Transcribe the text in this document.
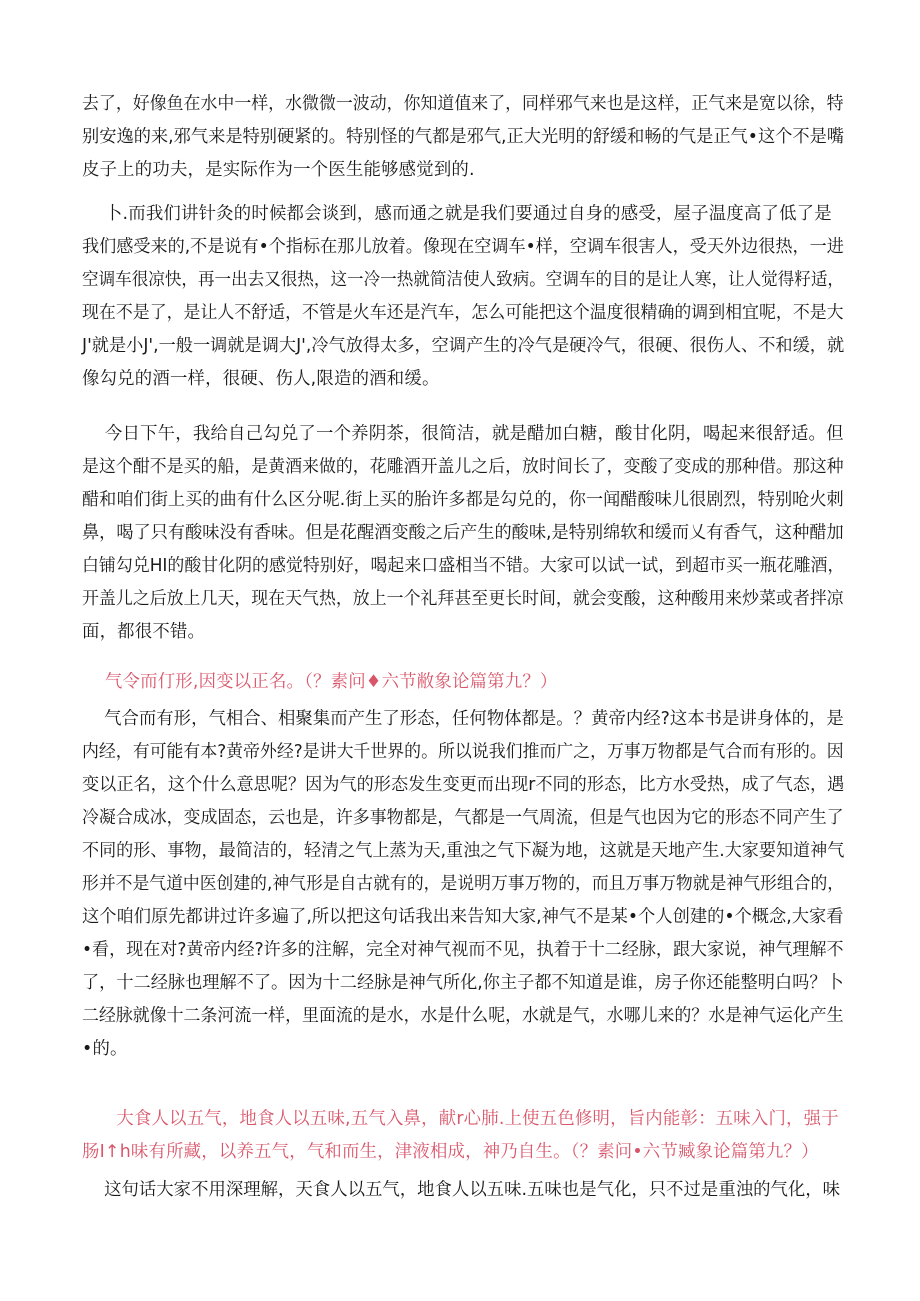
去了，好像鱼在水中一样，水微微一波动，你知道值来了，同样邪气来也是这样，正气来是宽以徐，特
别安逸的来,邪气来是特别硬紧的。特别怪的气都是邪气,正大光明的舒缓和畅的气是正气•这个不是嘴
皮子上的功夫，是实际作为一个医生能够感觉到的.

卜.而我们讲针灸的时候都会谈到，感而通之就是我们要通过自身的感受，屋子温度高了低了是
我们感受来的,不是说有•个指标在那儿放着。像现在空调车•样，空调车很害人，受天外边很热，一进
空调车很凉快，再一出去又很热，这一冷一热就简洁使人致病。空调车的目的是让人寒，让人觉得籽适，
现在不是了，是让人不舒适，不管是火车还是汽车，怎么可能把这个温度很精确的调到相宜呢，不是大
J'就是小J',一般一调就是调大J',冷气放得太多，空调产生的冷气是硬冷气，很硬、很伤人、不和缓，就
像勾兑的酒一样，很硬、伤人,限造的酒和缓。

今日下午，我给自己勾兑了一个养阴茶，很简洁，就是醋加白糖，酸甘化阴，喝起来很舒适。但
是这个酣不是买的船，是黄酒来做的，花雕酒开盖儿之后，放时间长了，变酸了变成的那种借。那这种
醋和咱们街上买的曲有什么区分呢.街上买的胎许多都是勾兑的，你一闻醋酸味儿很剧烈，特别呛火刺
鼻，喝了只有酸味没有香味。但是花醒酒变酸之后产生的酸味,是特别绵软和缓而乂有香气，这种醋加
白铺勾兑HI的酸甘化阴的感觉特别好，喝起来口盛相当不错。大家可以试一试，到超市买一瓶花雕酒，
开盖儿之后放上几天，现在天气热，放上一个礼拜甚至更长时间，就会变酸，这种酸用来炒菜或者拌凉
面，都很不错。

气令而仃形,因变以正名。（？素问♦六节敝象论篇第九？）

气合而有形，气相合、相聚集而产生了形态，任何物体都是。？黄帝内经?这本书是讲身体的，是
内经，有可能有本?黄帝外经?是讲大千世界的。所以说我们推而广之，万事万物都是气合而有形的。因
变以正名，这个什么意思呢？因为气的形态发生变更而出现r不同的形态，比方水受热，成了气态，遇
冷凝合成冰，变成固态，云也是，许多事物都是，气都是一气周流，但是气也因为它的形态不同产生了
不同的形、事物，最简洁的，轻清之气上蒸为天,重浊之气下凝为地，这就是天地产生.大家要知道神气
形并不是气道中医创建的,神气形是自古就有的，是说明万事万物的，而且万事万物就是神气形组合的，
这个咱们原先都讲过许多遍了,所以把这句话我出来告知大家,神气不是某•个人创建的•个概念,大家看
•看，现在对?黄帝内经?许多的注解，完全对神气视而不见，执着于十二经脉，跟大家说，神气理解不
了，十二经脉也理解不了。因为十二经脉是神气所化,你主子都不知道是谁，房子你还能整明白吗？卜
二经脉就像十二条河流一样，里面流的是水，水是什么呢，水就是气，水哪儿来的？水是神气运化产生
•的。

大食人以五气，地食人以五味,五气入鼻，献r心肺.上使五色修明，旨内能彰：五味入门，强于
肠I↑h味有所藏，以养五气，气和而生，津液相成，神乃自生。（？素问•六节臧象论篇第九？）

这句话大家不用深理解，天食人以五气，地食人以五味.五味也是气化，只不过是重浊的气化，味
